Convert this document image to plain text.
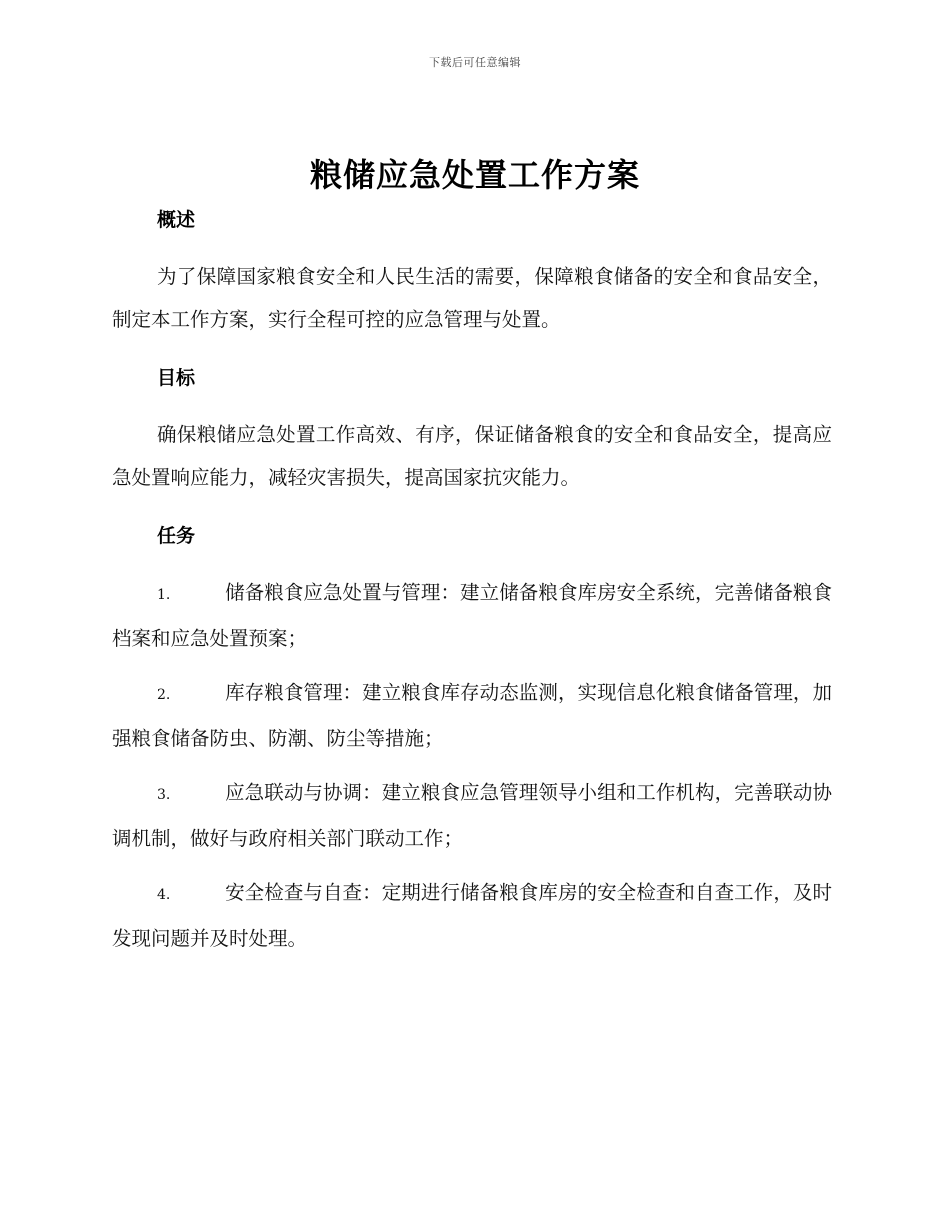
下载后可任意编辑
粮储应急处置工作方案
概述

为了保障国家粮食安全和人民生活的需要，保障粮食储备的安全和食品安全，制定本工作方案，实行全程可控的应急管理与处置。

目标

确保粮储应急处置工作高效、有序，保证储备粮食的安全和食品安全，提高应急处置响应能力，减轻灾害损失，提高国家抗灾能力。

任务

1.	储备粮食应急处置与管理：建立储备粮食库房安全系统，完善储备粮食档案和应急处置预案；

2.	库存粮食管理：建立粮食库存动态监测，实现信息化粮食储备管理，加强粮食储备防虫、防潮、防尘等措施；

3.	应急联动与协调：建立粮食应急管理领导小组和工作机构，完善联动协调机制，做好与政府相关部门联动工作；

4.	安全检查与自查：定期进行储备粮食库房的安全检查和自查工作，及时发现问题并及时处理。
